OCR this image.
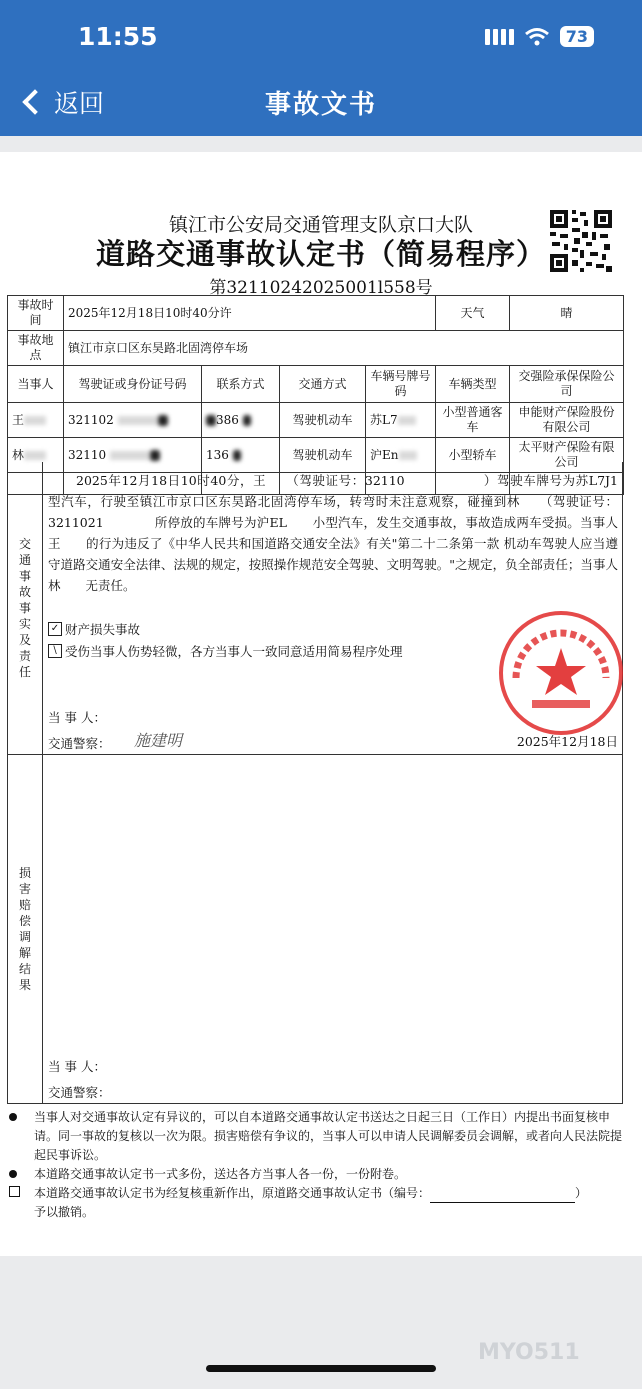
11:55	73
返回	事故文书
镇江市公安局交通管理支队京口大队
道路交通事故认定书（简易程序）
第32110242025001l558号
事故时间	2025年12月18日10时40分许				天气	晴
事故地点	镇江市京口区东昊路北固湾停车场					
当事人	驾驶证或身份证号码	联系方式	交通方式	车辆号牌号码	车辆类型	交强险承保保险公司
王	321102	386	驾驶机动车	苏L7	小型普通客车	申能财产保险股份有限公司
林	32110	136	驾驶机动车	沪En	小型轿车	太平财产保险有限公司

交通事故事实及责任
2025年12月18日10时40分，王　　（驾驶证号：32110　　　　　　）驾驶车牌号为苏L7J1　型汽车，行驶至镇江市京口区东昊路北固湾停车场，转弯时未注意观察，碰撞到林　　（驾驶证号：3211021　　　　所停放的车牌号为沪EL　　小型汽车，发生交通事故，事故造成两车受损。当事人王　　的行为违反了《中华人民共和国道路交通安全法》有关"第二十二条第一款 机动车驾驶人应当遵守道路交通安全法律、法规的规定，按照操作规范安全驾驶、文明驾驶。"之规定，负全部责任；当事人林　　无责任。
✓ 财产损失事故
\ 受伤当事人伤势轻微，各方当事人一致同意适用简易程序处理
当 事 人：
交通警察： 施建明	2025年12月18日
损害赔偿调解结果
当 事 人：
交通警察：
当事人对交通事故认定有异议的，可以自本道路交通事故认定书送达之日起三日（工作日）内提出书面复核申请。同一事故的复核以一次为限。损害赔偿有争议的，当事人可以申请人民调解委员会调解，或者向人民法院提起民事诉讼。
本道路交通事故认定书一式多份，送达各方当事人各一份，一份附卷。
本道路交通事故认定书为经复核重新作出，原道路交通事故认定书（编号：	）
予以撤销。
MYO511
